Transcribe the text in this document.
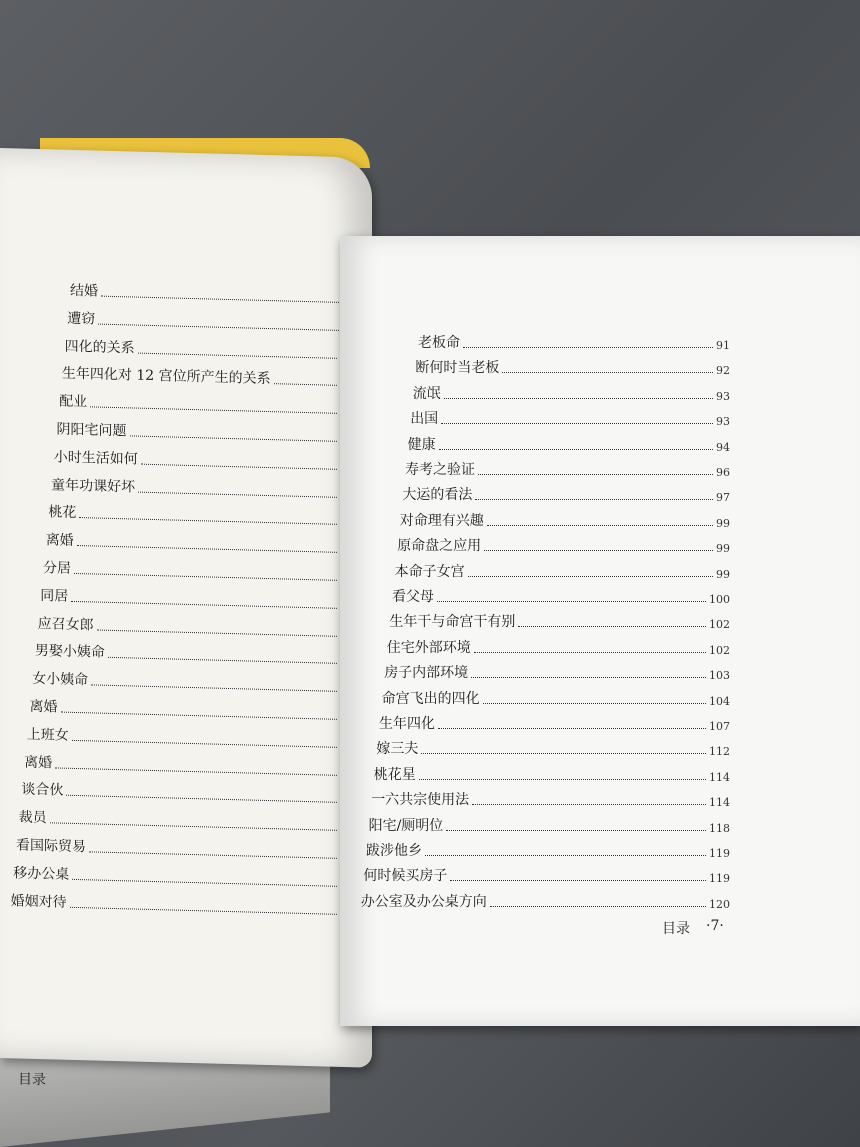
结婚
遭窃
四化的关系
生年四化对 12 宫位所产生的关系
配业
阴阳宅问题
小时生活如何
童年功课好坏
桃花
离婚
分居
同居
应召女郎
男娶小姨命
女小姨命
离婚
上班女
离婚
谈合伙
裁员
看国际贸易
移办公桌
婚姻对待
目录
老板命	91
断何时当老板	92
流氓	93
出国	93
健康	94
寿考之验证	96
大运的看法	97
对命理有兴趣	99
原命盘之应用	99
本命子女宫	99
看父母	100
生年干与命宫干有别	102
住宅外部环境	102
房子内部环境	103
命宫飞出的四化	104
生年四化	107
嫁三夫	112
桃花星	114
一六共宗使用法	114
阳宅/厕明位	118
跋涉他乡	119
何时候买房子	119
办公室及办公桌方向	120
目录 ·7·
